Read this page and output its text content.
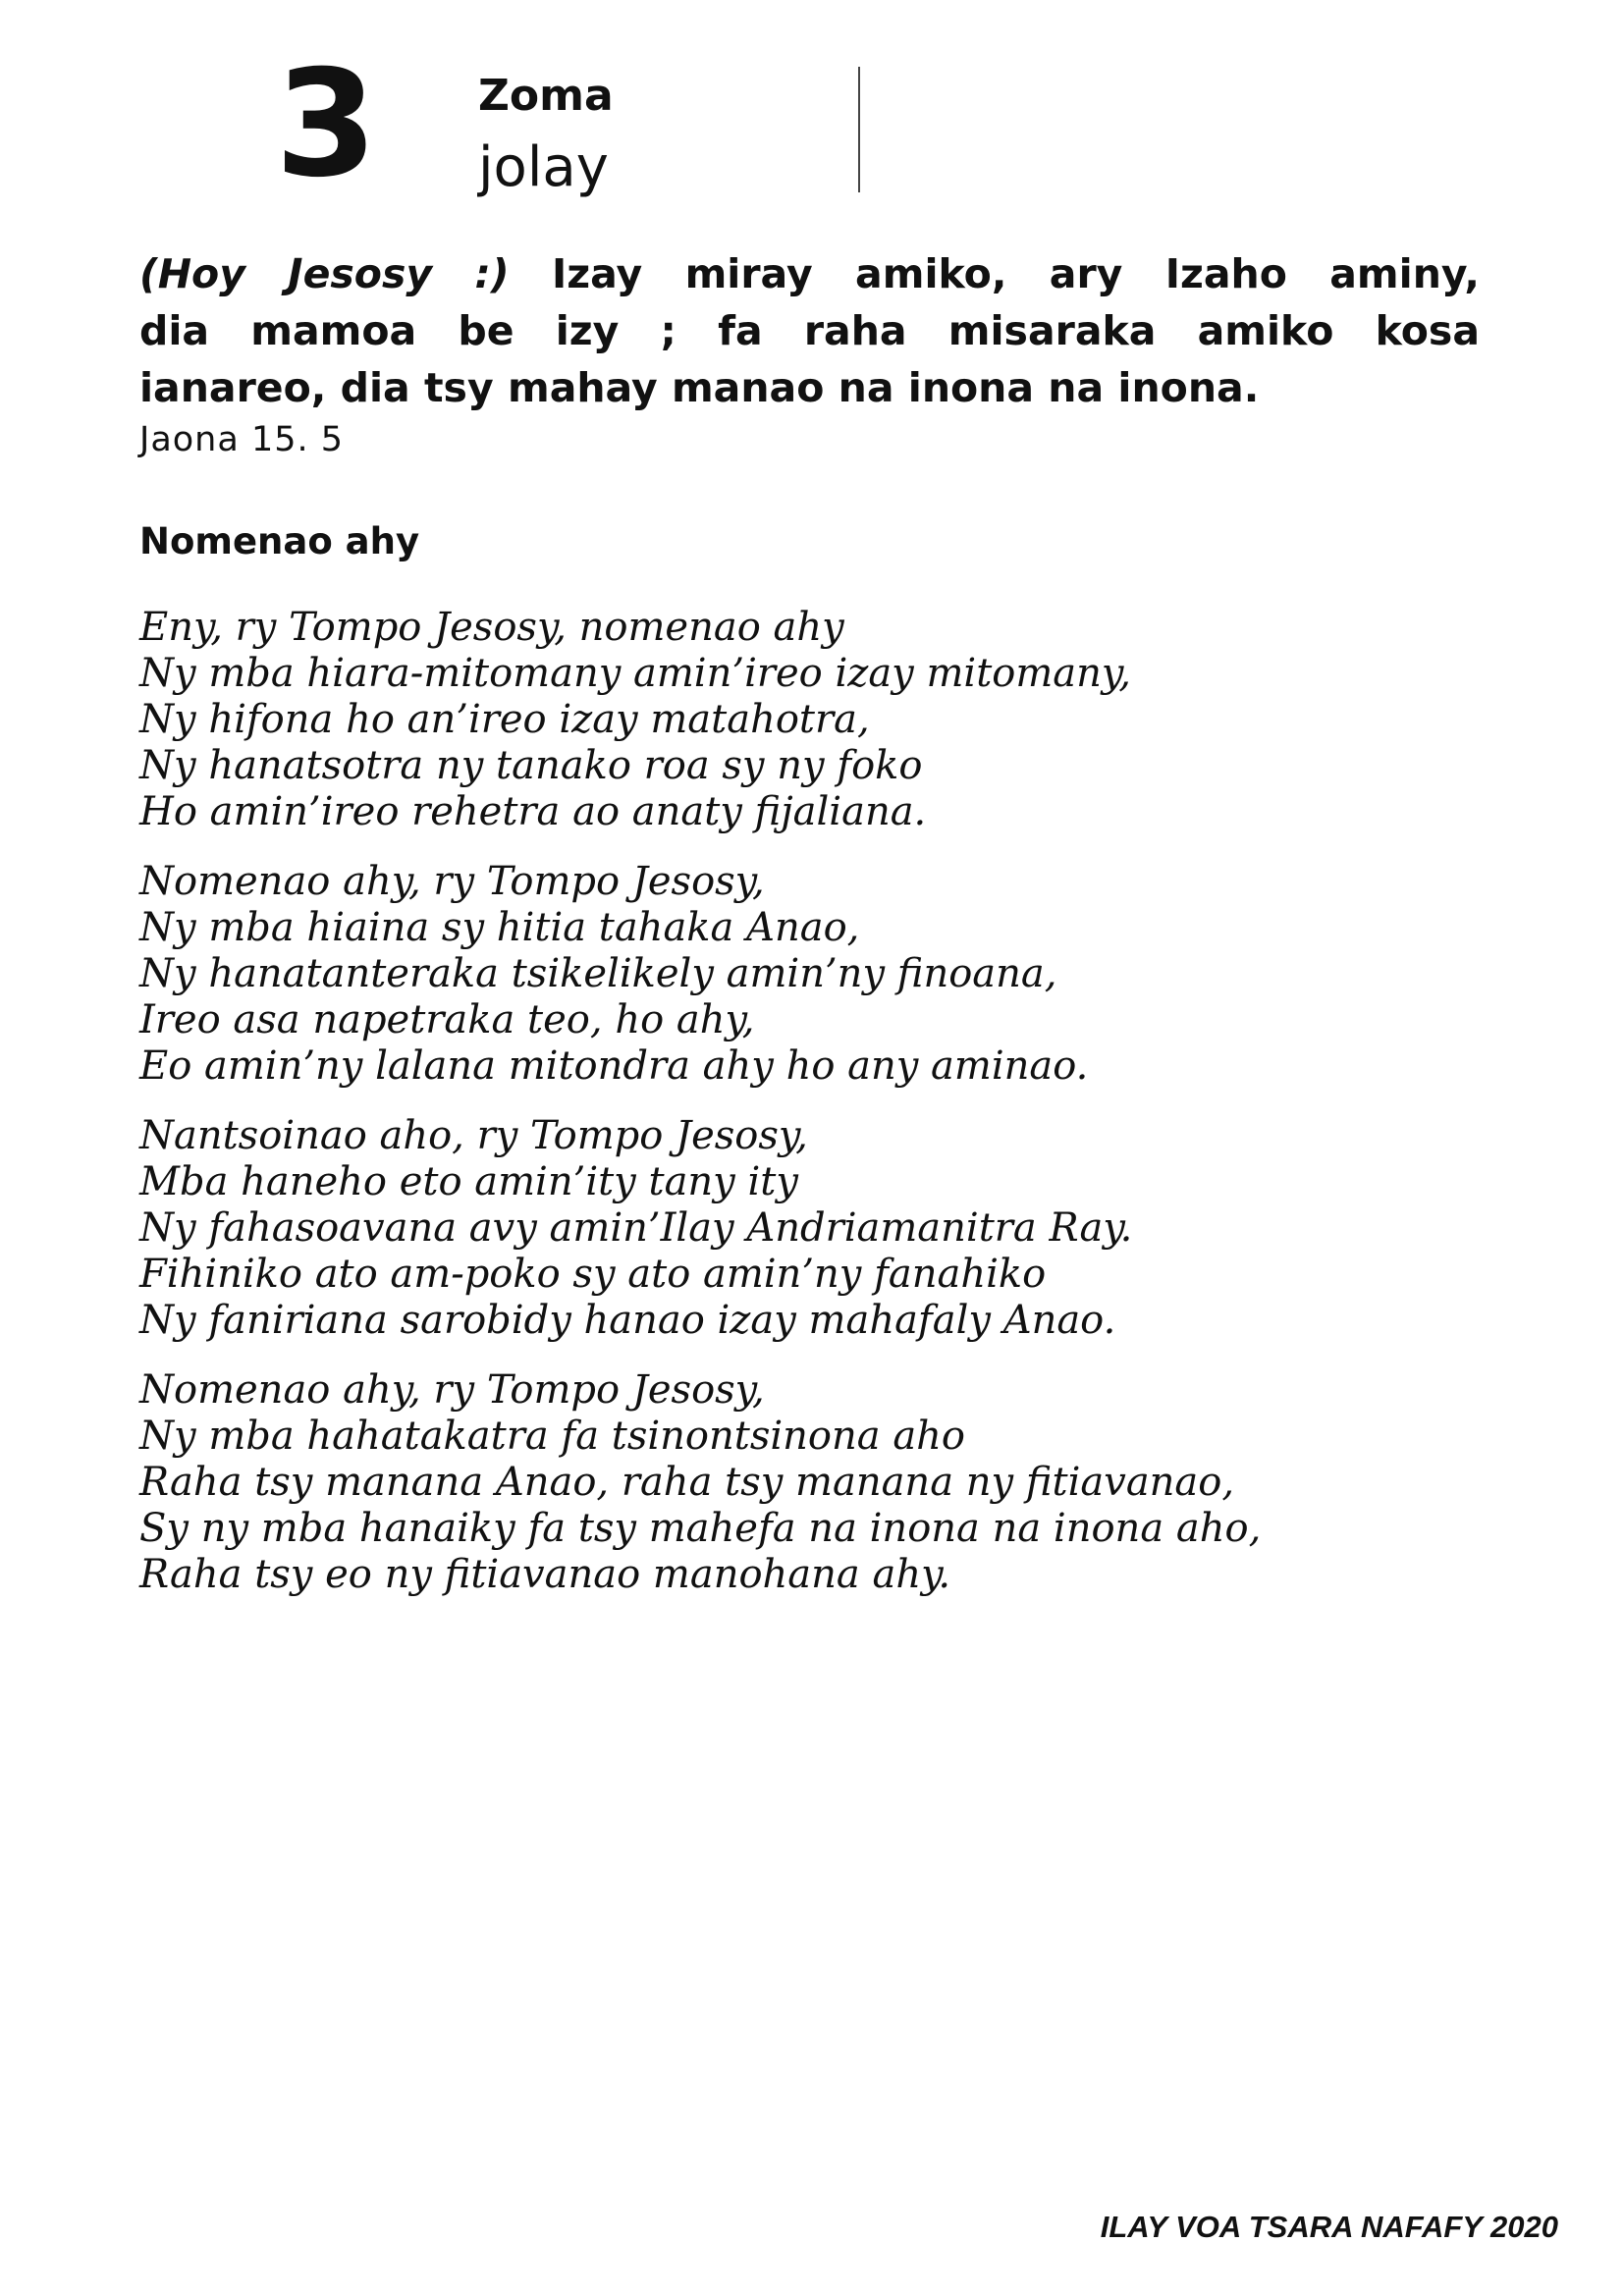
3 Zoma
jolay
(Hoy Jesosy :) Izay miray amiko, ary Izaho aminy,
dia mamoa be izy ; fa raha misaraka amiko kosa
ianareo, dia tsy mahay manao na inona na inona.
Jaona 15. 5
Nomenao ahy
Eny, ry Tompo Jesosy, nomenao ahy
Ny mba hiara-mitomany amin’ireo izay mitomany,
Ny hifona ho an’ireo izay matahotra,
Ny hanatsotra ny tanako roa sy ny foko
Ho amin’ireo rehetra ao anaty fijaliana.
Nomenao ahy, ry Tompo Jesosy,
Ny mba hiaina sy hitia tahaka Anao,
Ny hanatanteraka tsikelikely amin’ny finoana,
Ireo asa napetraka teo, ho ahy,
Eo amin’ny lalana mitondra ahy ho any aminao.
Nantsoinao aho, ry Tompo Jesosy,
Mba haneho eto amin’ity tany ity
Ny fahasoavana avy amin’Ilay Andriamanitra Ray.
Fihiniko ato am-poko sy ato amin’ny fanahiko
Ny faniriana sarobidy hanao izay mahafaly Anao.
Nomenao ahy, ry Tompo Jesosy,
Ny mba hahatakatra fa tsinontsinona aho
Raha tsy manana Anao, raha tsy manana ny fitiavanao,
Sy ny mba hanaiky fa tsy mahefa na inona na inona aho,
Raha tsy eo ny fitiavanao manohana ahy.
ILAY VOA TSARA NAFAFY 2020
